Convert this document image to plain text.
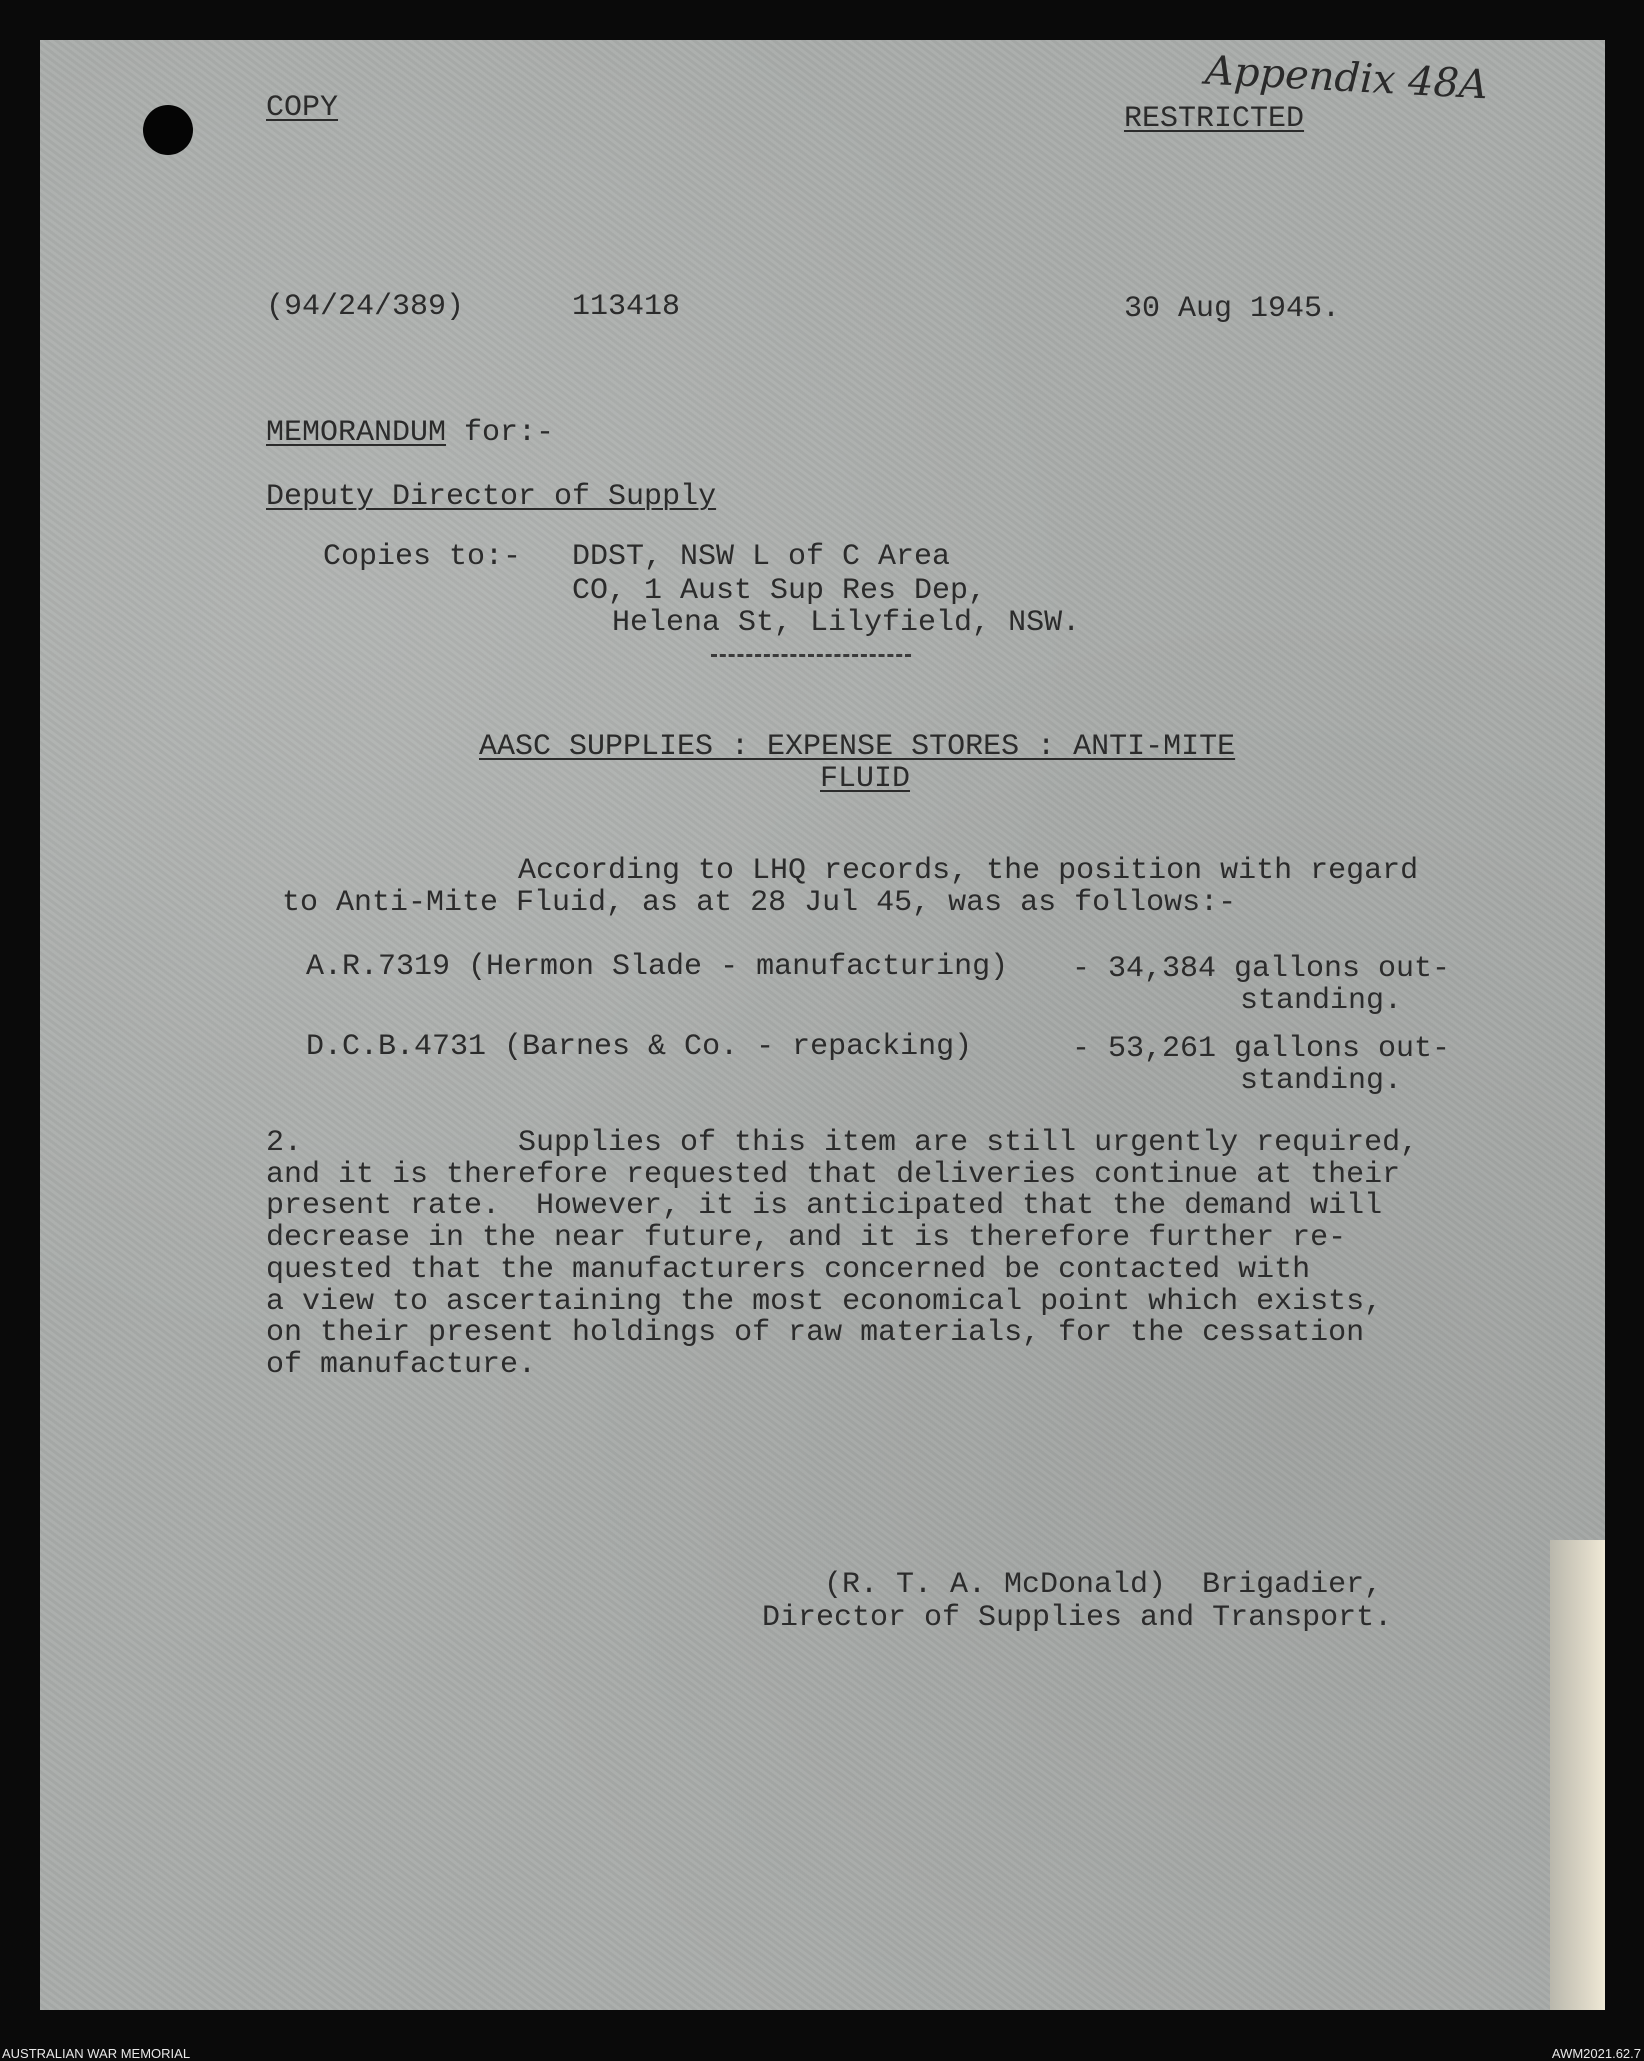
Appendix 48A

COPY	RESTRICTED

(94/24/389)	113418	30 Aug 1945.

MEMORANDUM for:-

Deputy Director of Supply

Copies to:- DDST, NSW L of C Area

CO, 1 Aust Sup Res Dep,

Helena St, Lilyfield, NSW.

AASC SUPPLIES : EXPENSE STORES : ANTI-MITE

FLUID

According to LHQ records, the position with regard

to Anti-Mite Fluid, as at 28 Jul 45, was as follows:-

A.R.7319 (Hermon Slade - manufacturing) - 34,384 gallons out-

standing.

D.C.B.4731 (Barnes & Co. - repacking)	- 53,261 gallons out-

standing.

2.	Supplies of this item are still urgently required,

and it is therefore requested that deliveries continue at their

present rate.  However, it is anticipated that the demand will

decrease in the near future, and it is therefore further re-

quested that the manufacturers concerned be contacted with

a view to ascertaining the most economical point which exists,

on their present holdings of raw materials, for the cessation

of manufacture.

(R. T. A. McDonald)  Brigadier,

Director of Supplies and Transport.

AUSTRALIAN WAR MEMORIAL	AWM2021.62.7
